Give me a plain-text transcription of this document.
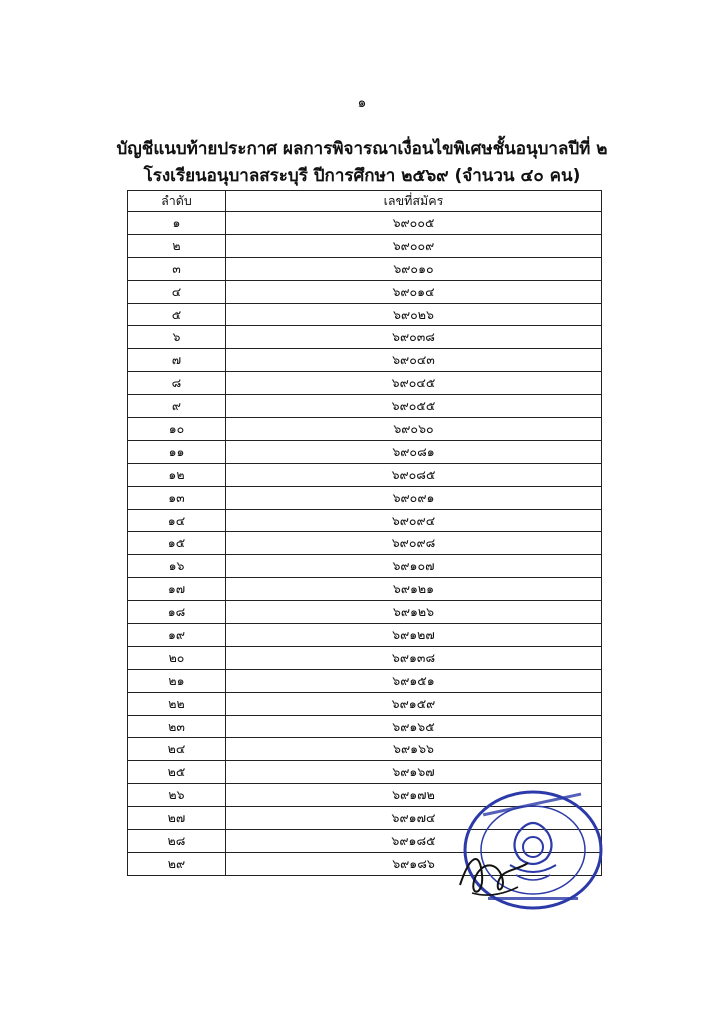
๑
บัญชีแนบท้ายประกาศ ผลการพิจารณาเงื่อนไขพิเศษชั้นอนุบาลปีที่ ๒
โรงเรียนอนุบาลสระบุรี ปีการศึกษา ๒๕๖๙ (จำนวน ๔๐ คน)
ลำดับ	เลขที่สมัคร
๑	๖๙๐๐๕
๒	๖๙๐๐๙
๓	๖๙๐๑๐
๔	๖๙๐๑๔
๕	๖๙๐๒๖
๖	๖๙๐๓๘
๗	๖๙๐๔๓
๘	๖๙๐๔๕
๙	๖๙๐๕๕
๑๐	๖๙๐๖๐
๑๑	๖๙๐๘๑
๑๒	๖๙๐๘๕
๑๓	๖๙๐๙๑
๑๔	๖๙๐๙๔
๑๕	๖๙๐๙๘
๑๖	๖๙๑๐๗
๑๗	๖๙๑๒๑
๑๘	๖๙๑๒๖
๑๙	๖๙๑๒๗
๒๐	๖๙๑๓๘
๒๑	๖๙๑๕๑
๒๒	๖๙๑๕๙
๒๓	๖๙๑๖๕
๒๔	๖๙๑๖๖
๒๕	๖๙๑๖๗
๒๖	๖๙๑๗๒
๒๗	๖๙๑๗๔
๒๘	๖๙๑๘๕
๒๙	๖๙๑๘๖
